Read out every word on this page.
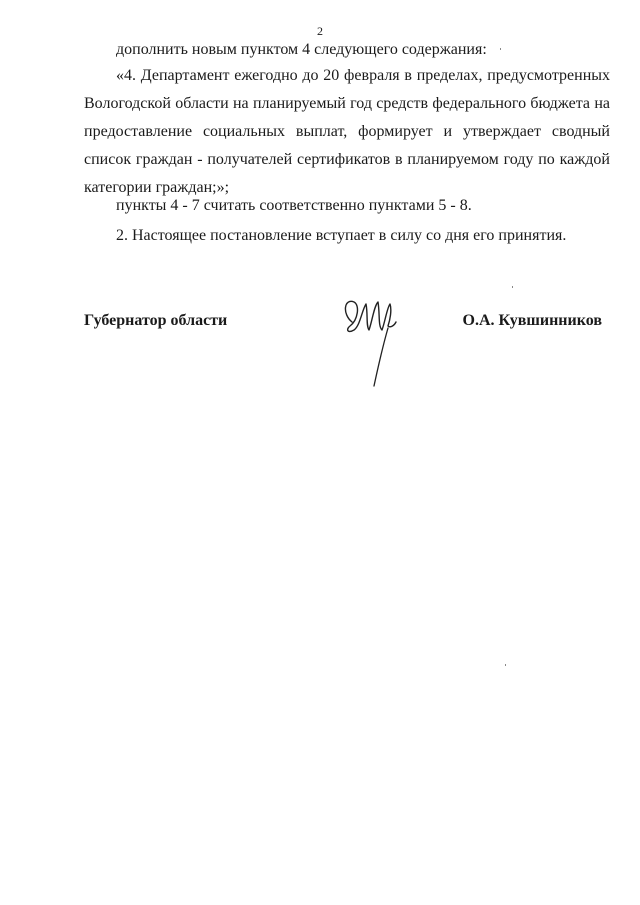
2

дополнить новым пунктом 4 следующего содержания:

«4. Департамент ежегодно до 20 февраля в пределах, предусмотренных Вологодской области на планируемый год средств федерального бюджета на предоставление социальных выплат, формирует и утверждает сводный список граждан - получателей сертификатов в планируемом году по каждой категории граждан;»;

пункты 4 - 7 считать соответственно пунктами 5 - 8.

2. Настоящее постановление вступает в силу со дня его принятия.

Губернатор области	О.А. Кувшинников
